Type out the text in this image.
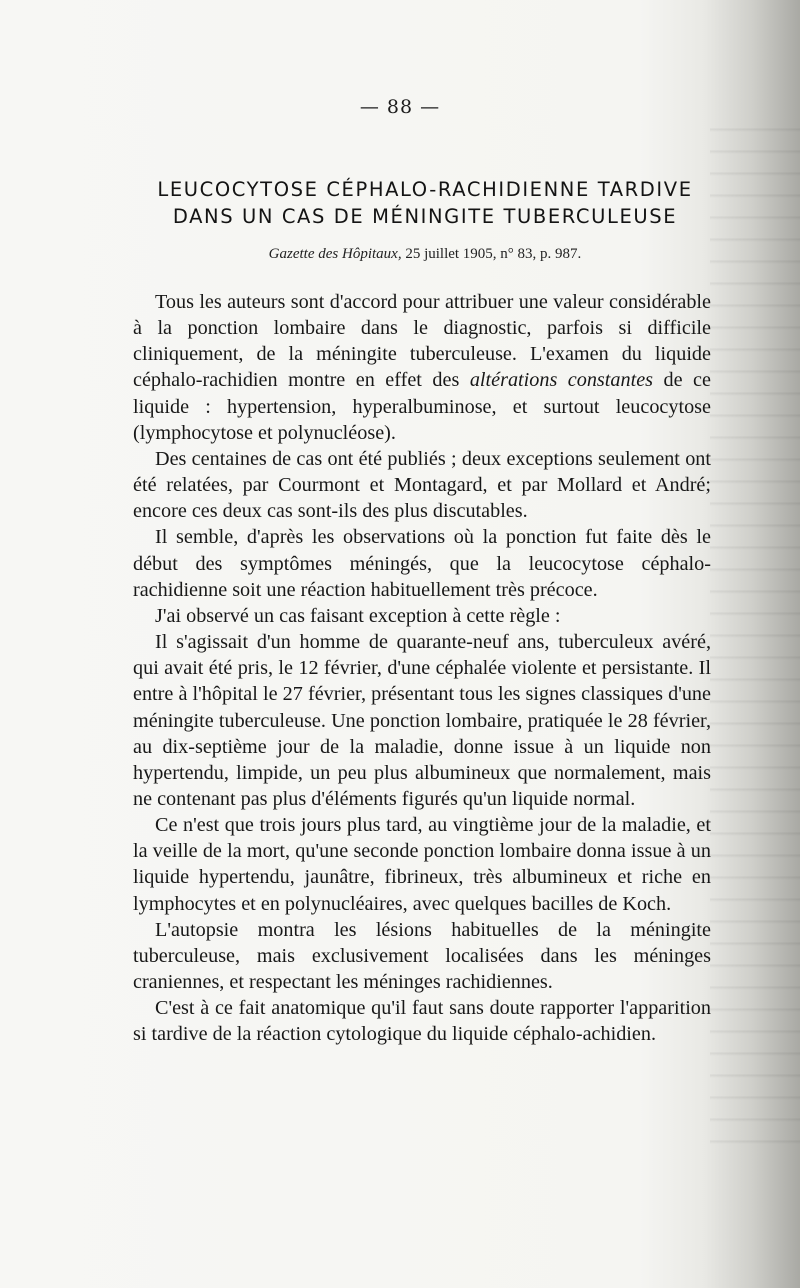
— 88 —
LEUCOCYTOSE CÉPHALO-RACHIDIENNE TARDIVE
DANS UN CAS DE MÉNINGITE TUBERCULEUSE
Gazette des Hôpitaux, 25 juillet 1905, n° 83, p. 987.

Tous les auteurs sont d'accord pour attribuer une valeur considérable à la ponction lombaire dans le diagnostic, parfois si difficile cliniquement, de la méningite tuberculeuse. L'examen du liquide céphalo-rachidien montre en effet des altérations constantes de ce liquide : hypertension, hyperalbuminose, et surtout leucocytose (lymphocytose et polynucléose).

Des centaines de cas ont été publiés ; deux exceptions seulement ont été relatées, par Courmont et Montagard, et par Mollard et André; encore ces deux cas sont-ils des plus discutables.

Il semble, d'après les observations où la ponction fut faite dès le début des symptômes méningés, que la leucocytose céphalo-rachidienne soit une réaction habituellement très précoce.

J'ai observé un cas faisant exception à cette règle :

Il s'agissait d'un homme de quarante-neuf ans, tuberculeux avéré, qui avait été pris, le 12 février, d'une céphalée violente et persistante. Il entre à l'hôpital le 27 février, présentant tous les signes classiques d'une méningite tuberculeuse. Une ponction lombaire, pratiquée le 28 février, au dix-septième jour de la maladie, donne issue à un liquide non hypertendu, limpide, un peu plus albumineux que normalement, mais ne contenant pas plus d'éléments figurés qu'un liquide normal.

Ce n'est que trois jours plus tard, au vingtième jour de la maladie, et la veille de la mort, qu'une seconde ponction lombaire donna issue à un liquide hypertendu, jaunâtre, fibrineux, très albumineux et riche en lymphocytes et en polynucléaires, avec quelques bacilles de Koch.

L'autopsie montra les lésions habituelles de la méningite tuberculeuse, mais exclusivement localisées dans les méninges craniennes, et respectant les méninges rachidiennes.

C'est à ce fait anatomique qu'il faut sans doute rapporter l'apparition si tardive de la réaction cytologique du liquide céphalo-achidien.
